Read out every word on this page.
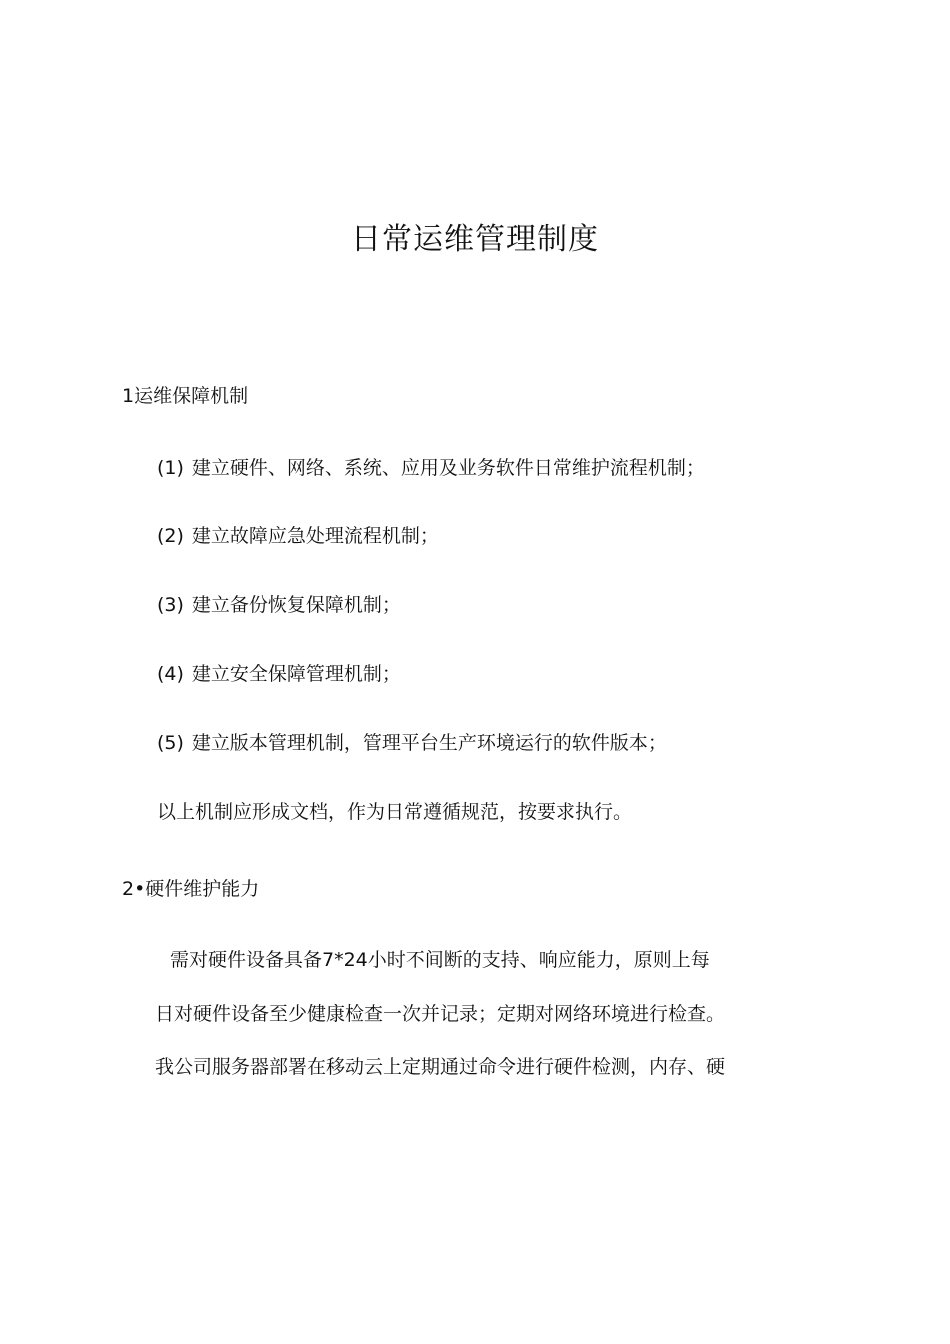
日常运维管理制度

1运维保障机制

(1) 建立硬件、网络、系统、应用及业务软件日常维护流程机制；

(2) 建立故障应急处理流程机制；

(3) 建立备份恢复保障机制；

(4) 建立安全保障管理机制；

(5) 建立版本管理机制，管理平台生产环境运行的软件版本；

以上机制应形成文档，作为日常遵循规范，按要求执行。

2•硬件维护能力

需对硬件设备具备7*24小时不间断的支持、响应能力，原则上每

日对硬件设备至少健康检查一次并记录；定期对网络环境进行检查。

我公司服务器部署在移动云上定期通过命令进行硬件检测，内存、硬
